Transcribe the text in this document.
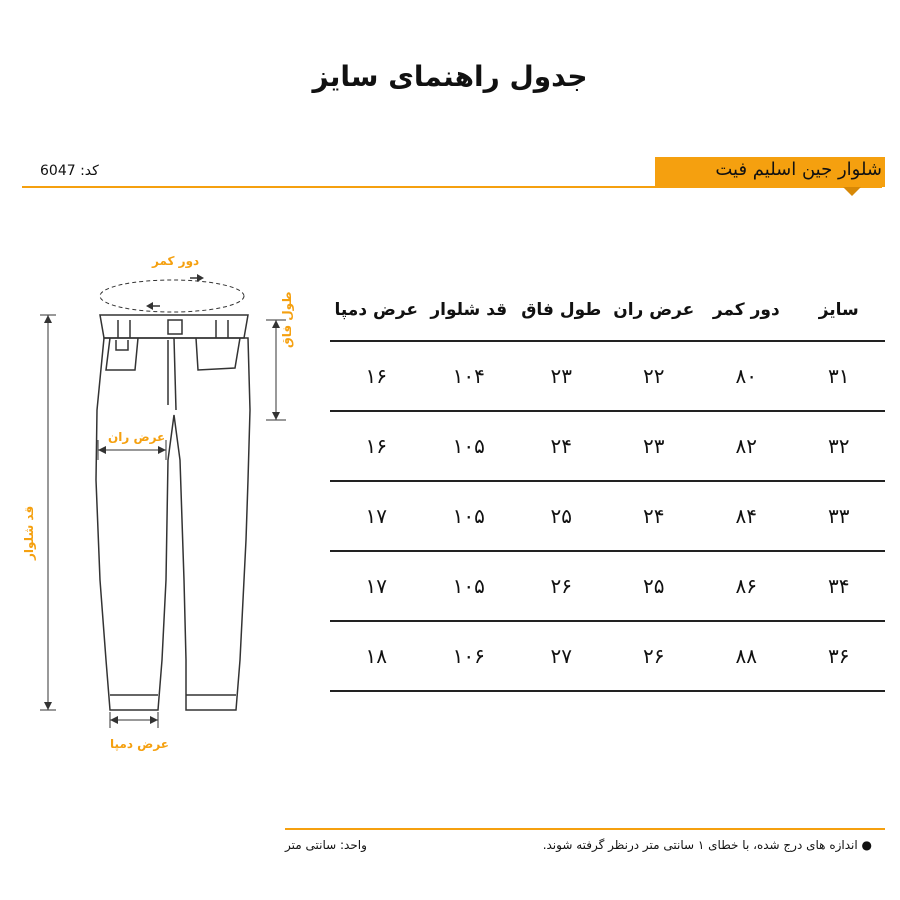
جدول راهنمای سایز
کد: 6047	شلوار جین اسلیم فیت
دور کمر
طول فاق
عرض ران
قد شلوار
عرض دمپا
سایز
دور کمر
عرض ران
طول فاق
قد شلوار
عرض دمپا
۳۱
۸۰
۲۲
۲۳
۱۰۴
۱۶
۳۲
۸۲
۲۳
۲۴
۱۰۵
۱۶
۳۳
۸۴
۲۴
۲۵
۱۰۵
۱۷
۳۴
۸۶
۲۵
۲۶
۱۰۵
۱۷
۳۶
۸۸
۲۶
۲۷
۱۰۶
۱۸
● اندازه های درج شده، با خطای ۱ سانتی متر درنظر گرفته شوند.
واحد: سانتی متر
